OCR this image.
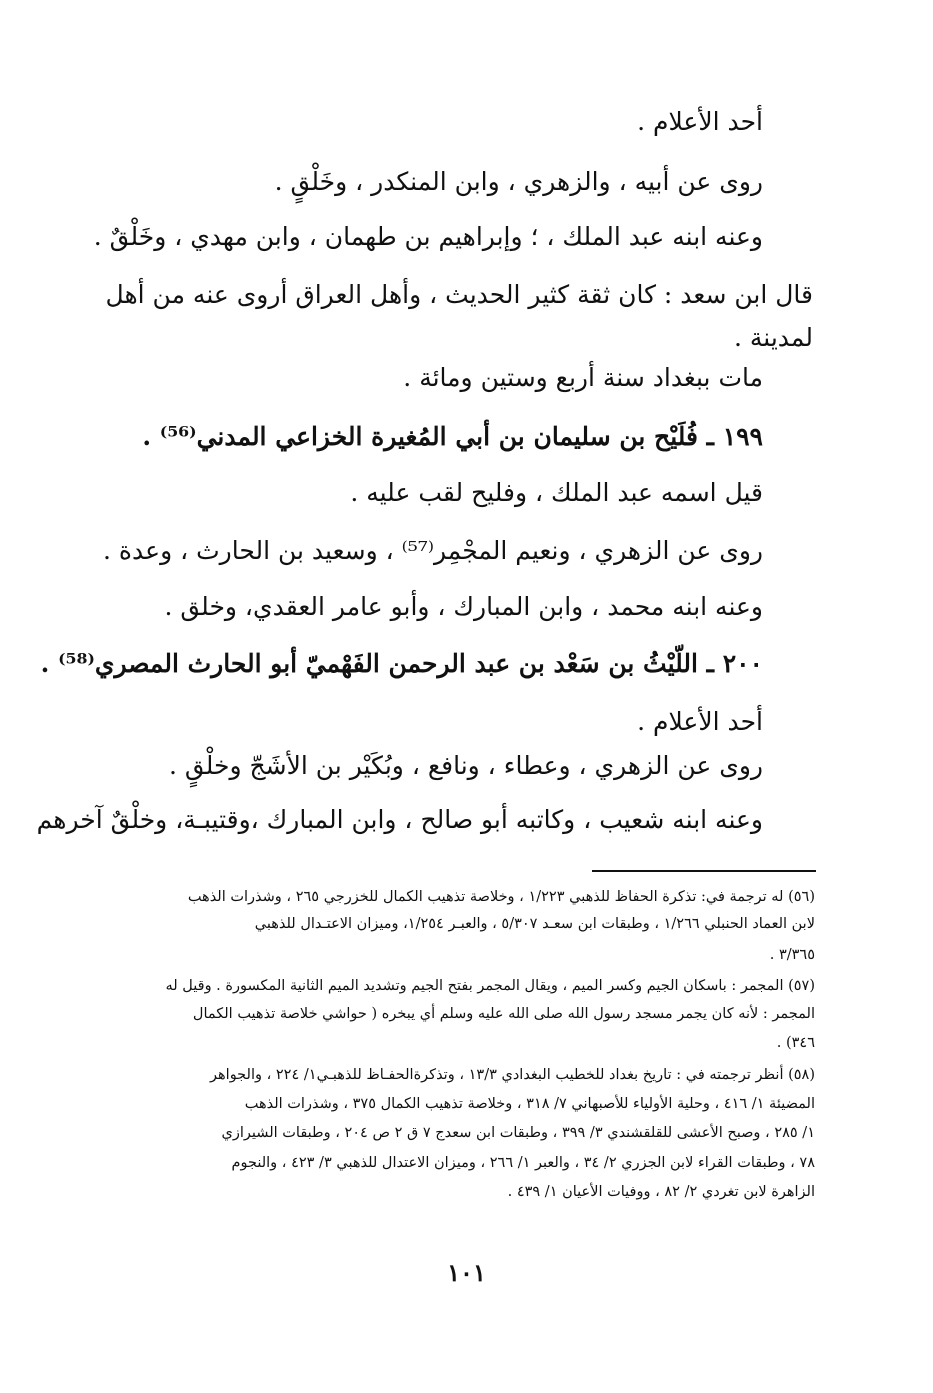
أحد الأعلام .
روى عن أبيه ، والزهري ، وابن المنكدر ، وخَلْقٍ .
وعنه ابنه عبد الملك ، ؛ وإبراهيم بن طهمان ، وابن مهدي ، وخَلْقٌ .
قال ابن سعد : كان ثقة كثير الحديث ، وأهل العراق أروى عنه من أهل
لمدينة .
مات ببغداد سنة أربع وستين ومائة .
١٩٩ ـ فُلَيْح بن سليمان بن أبي المُغيرة الخزاعي المدني⁽⁵⁶⁾ .
قيل اسمه عبد الملك ، وفليح لقب عليه .
روى عن الزهري ، ونعيم المجْمِر⁽⁵⁷⁾ ، وسعيد بن الحارث ، وعدة .
وعنه ابنه محمد ، وابن المبارك ، وأبو عامر العقدي، وخلق .
٢٠٠ ـ اللّيْثُ بن سَعْد بن عبد الرحمن الفَهْميّ أبو الحارث المصري⁽⁵⁸⁾ .
أحد الأعلام .
روى عن الزهري ، وعطاء ، ونافع ، وبُكَيْر بن الأشَجّ وخلْقٍ .
وعنه ابنه شعيب ، وكاتبه أبو صالح ، وابن المبارك ،وقتيبـة، وخلْقٌ آخرهم
(٥٦) له ترجمة في: تذكرة الحفاظ للذهبي ١/٢٢٣ ، وخلاصة تذهيب الكمال للخزرجي ٢٦٥ ، وشذرات الذهب
لابن العماد الحنبلي ١/٢٦٦ ، وطبقات ابن سعـد ٥/٣٠٧ ، والعبـر ١/٢٥٤، وميزان الاعتـدال للذهبي
٣/٣٦٥ .
(٥٧) المجمر : باسكان الجيم وكسر الميم ، ويقال المجمر بفتح الجيم وتشديد الميم الثانية المكسورة . وقيل له
المجمر : لأنه كان يجمر مسجد رسول الله صلى الله عليه وسلم أي يبخره ( حواشي خلاصة تذهيب الكمال
٣٤٦) .
(٥٨) أنظر ترجمته في : تاريخ بغداد للخطيب البغدادي ١٣/٣ ، وتذكرةالحفـاظ للذهبـي١/ ٢٢٤ ، والجواهر
المضيئة ١/ ٤١٦ ، وحلية الأولياء للأصبهاني ٧/ ٣١٨ ، وخلاصة تذهيب الكمال ٣٧٥ ، وشذرات الذهب
١/ ٢٨٥ ، وصبح الأعشى للقلقشندي ٣/ ٣٩٩ ، وطبقات ابن سعدج ٧ ق ٢ ص ٢٠٤ ، وطبقات الشيرازي
٧٨ ، وطبقات القراء لابن الجزري ٢/ ٣٤ ، والعبر ١/ ٢٦٦ ، وميزان الاعتدال للذهبي ٣/ ٤٢٣ ، والنجوم
الزاهرة لابن تغردي ٢/ ٨٢ ، ووفيات الأعيان ١/ ٤٣٩ .
١٠١
